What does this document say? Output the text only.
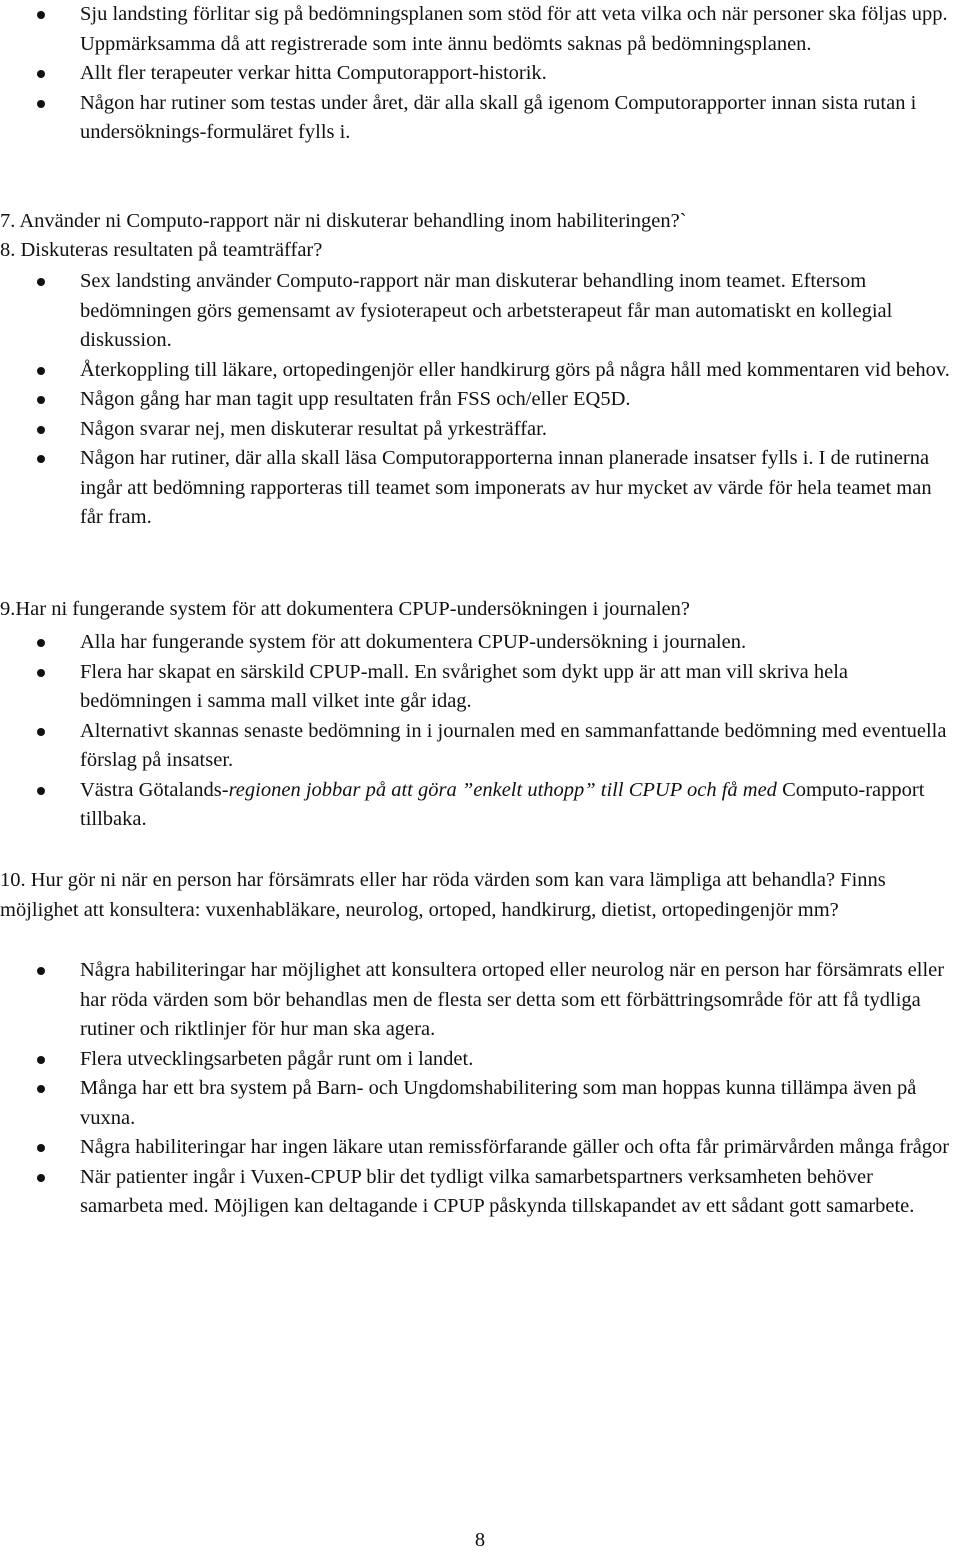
Sju landsting förlitar sig på bedömningsplanen som stöd för att veta vilka och när personer ska följas upp. Uppmärksamma då att registrerade som inte ännu bedömts saknas på bedömningsplanen.
Allt fler terapeuter verkar hitta Computorapport-historik.
Någon har rutiner som testas under året, där alla skall gå igenom Computorapporter innan sista rutan i undersöknings-formuläret fylls i.
7. Använder ni Computo-rapport när ni diskuterar behandling inom habiliteringen?`
8. Diskuteras resultaten på teamträffar?
Sex landsting använder Computo-rapport när man diskuterar behandling inom teamet. Eftersom bedömningen görs gemensamt av fysioterapeut och arbetsterapeut får man automatiskt en kollegial diskussion.
Återkoppling till läkare, ortopedingenjör eller handkirurg görs på några håll med kommentaren vid behov.
Någon gång har man tagit upp resultaten från FSS och/eller EQ5D.
Någon svarar nej, men diskuterar resultat på yrkesträffar.
Någon har rutiner, där alla skall läsa Computorapporterna innan planerade insatser fylls i. I de rutinerna ingår att bedömning rapporteras till teamet som imponerats av hur mycket av värde för hela teamet man får fram.
9.Har ni fungerande system för att dokumentera CPUP-undersökningen i journalen?
Alla har fungerande system för att dokumentera CPUP-undersökning i journalen.
Flera har skapat en särskild CPUP-mall. En svårighet som dykt upp är att man vill skriva hela bedömningen i samma mall vilket inte går idag.
Alternativt skannas senaste bedömning in i journalen med en sammanfattande bedömning med eventuella förslag på insatser.
Västra Götalands-regionen jobbar på att göra ”enkelt uthopp” till CPUP och få med Computo-rapport tillbaka.
10. Hur gör ni när en person har försämrats eller har röda värden som kan vara lämpliga att behandla? Finns möjlighet att konsultera: vuxenhabläkare, neurolog, ortoped, handkirurg, dietist, ortopedingenjör mm?
Några habiliteringar har möjlighet att konsultera ortoped eller neurolog när en person har försämrats eller har röda värden som bör behandlas men de flesta ser detta som ett förbättringsområde för att få tydliga rutiner och riktlinjer för hur man ska agera.
Flera utvecklingsarbeten pågår runt om i landet.
Många har ett bra system på Barn- och Ungdomshabilitering som man hoppas kunna tillämpa även på vuxna.
Några habiliteringar har ingen läkare utan remissförfarande gäller och ofta får primärvården många frågor
När patienter ingår i Vuxen-CPUP blir det tydligt vilka samarbetspartners verksamheten behöver samarbeta med. Möjligen kan deltagande i CPUP påskynda tillskapandet av ett sådant gott samarbete.
8
